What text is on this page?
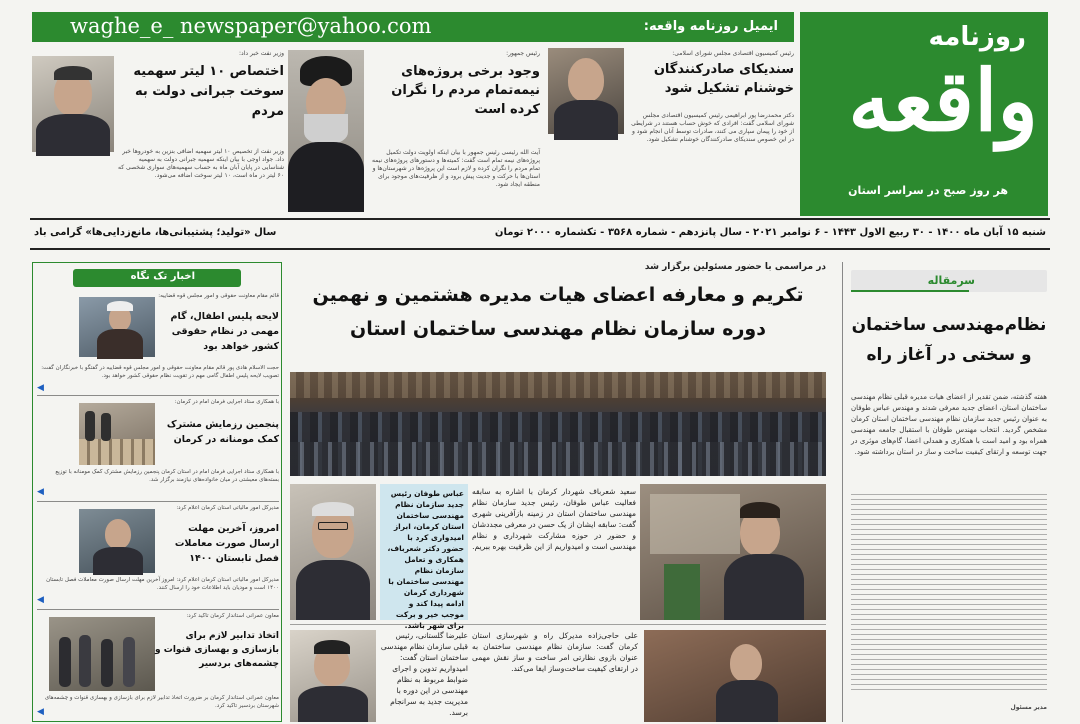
روزنامه
واقعه
هر روز صبح در سراسر استان
ایمیل روزنامه واقعه:
waghe_e_ newspaper@yahoo.com
رئیس کمیسیون اقتصادی مجلس شورای اسلامی:
سندیکای صادرکنندگان خوشنام تشکیل شود
دکتر محمدرضا پور ابراهیمی رئیس کمیسیون اقتصادی مجلس شورای اسلامی گفت: افرادی که خوش حساب هستند در شرایطی از خود را پیمان سپاری می کنند، صادرات توسط آنان انجام شود و در این خصوص سندیکای صادرکنندگان خوشنام تشکیل شود.
رئیس جمهور:
وجود برخی پروژه‌های نیمه‌تمام مردم را نگران کرده است
آیت الله رئیسی رئیس جمهور با بیان اینکه اولویت دولت تکمیل پروژه‌های نیمه تمام است گفت: کمیته‌ها و دستورهای پروژه‌های نیمه تمام مردم را نگران کرده و لازم است این پروژه‌ها در شهرستان‌ها و استان‌ها با حرکت و جدیت پیش برود و از ظرفیت‌های موجود برای منطقه ایجاد شود.
وزیر نفت خبر داد:
اختصاص ۱۰ لیتر سهمیه سوخت جبرانی دولت به مردم
وزیر نفت از تخصیص ۱۰ لیتر سهمیه اضافی بنزین به خودروها خبر داد. جواد اوجی با بیان اینکه سهمیه جبرانی دولت به سهمیه شناسایی در پایان آبان ماه به حساب سهمیه‌های سواری شخصی که ۶۰ لیتر در ماه است، ۱۰ لیتر سوخت اضافه می‌شود.
شنبه ۱۵ آبان ماه ۱۴۰۰ - ۳۰ ربیع الاول ۱۴۴۳ - ۶ نوامبر ۲۰۲۱ - سال پانزدهم - شماره ۳۵۶۸ - تکشماره ۲۰۰۰ تومان
سال «تولید؛ پشتیبانی‌ها، مانع‌زدایی‌ها» گرامی باد
سرمقاله
نظام‌مهندسی ساختمان و سختی در آغاز راه
هفته گذشته، ضمن تقدیر از اعضای هیات مدیره قبلی نظام مهندسی ساختمان استان، اعضای جدید معرفی شدند و مهندس عباس طوفان به عنوان رئیس جدید سازمان نظام مهندسی ساختمان استان کرمان مشخص گردید. انتخاب مهندس طوفان با استقبال جامعه مهندسی همراه بود و امید است با همکاری و همدلی اعضا، گام‌های موثری در جهت توسعه و ارتقای کیفیت ساخت و ساز در استان برداشته شود.
مدیر مسئول
در مراسمی با حضور مسئولین برگزار شد
تکریم و معارفه اعضای هیات مدیره هشتمین و نهمین دوره سازمان نظام مهندسی ساختمان استان
سعید شعرباف شهردار کرمان با اشاره به سابقه فعالیت عباس طوفان، رئیس جدید سازمان نظام مهندسی ساختمان استان در زمینه بازآفرینی شهری گفت: سابقه ایشان از یک حسن در معرفی مجددشان و حضور در حوزه مشارکت شهرداری و نظام مهندسی است و امیدواریم از این ظرفیت بهره ببریم.
عباس طوفان رئیس جدید سازمان نظام مهندسی ساختمان استان کرمان، ابراز امیدواری کرد با حضور دکتر شعرباف، همکاری و تعامل سازمان نظام مهندسی ساختمان با شهرداری کرمان ادامه پیدا کند و موجب خیر و برکت برای شهر باشد.
علی حاجی‌زاده مدیرکل راه و شهرسازی استان کرمان گفت: سازمان نظام مهندسی ساختمان به عنوان بازوی نظارتی امر ساخت و ساز نقش مهمی در ارتقای کیفیت ساخت‌وساز ایفا می‌کند.
علیرضا گلستانی، رئیس قبلی سازمان نظام مهندسی ساختمان استان گفت: امیدواریم تدوین و اجرای ضوابط مربوط به نظام مهندسی در این دوره با مدیریت جدید به سرانجام برسد.
اخبار تک نگاه
قائم مقام معاونت حقوقی و امور مجلس قوه قضاییه:
لایحه پلیس اطفال، گام مهمی در نظام حقوقی کشور خواهد بود
حجت الاسلام هادی پور قائم مقام معاونت حقوقی و امور مجلس قوه قضاییه در گفتگو با خبرنگاران گفت: تصویب لایحه پلیس اطفال گامی مهم در تقویت نظام حقوقی کشور خواهد بود.
◀
با همکاری ستاد اجرایی فرمان امام در کرمان:
پنجمین رزمایش مشترک کمک مومنانه در کرمان
با همکاری ستاد اجرایی فرمان امام در استان کرمان پنجمین رزمایش مشترک کمک مومنانه با توزیع بسته‌های معیشتی در میان خانواده‌های نیازمند برگزار شد.
◀
مدیرکل امور مالیاتی استان کرمان اعلام کرد:
امروز، آخرین مهلت ارسال صورت معاملات فصل تابستان ۱۴۰۰
مدیرکل امور مالیاتی استان کرمان اعلام کرد: امروز آخرین مهلت ارسال صورت معاملات فصل تابستان ۱۴۰۰ است و مودیان باید اطلاعات خود را ارسال کنند.
◀
معاون عمرانی استاندار کرمان تاکید کرد:
اتخاذ تدابیر لازم برای بازسازی و بهسازی قنوات و چشمه‌های بردسیر
معاون عمرانی استاندار کرمان بر ضرورت اتخاذ تدابیر لازم برای بازسازی و بهسازی قنوات و چشمه‌های شهرستان بردسیر تاکید کرد.
◀
